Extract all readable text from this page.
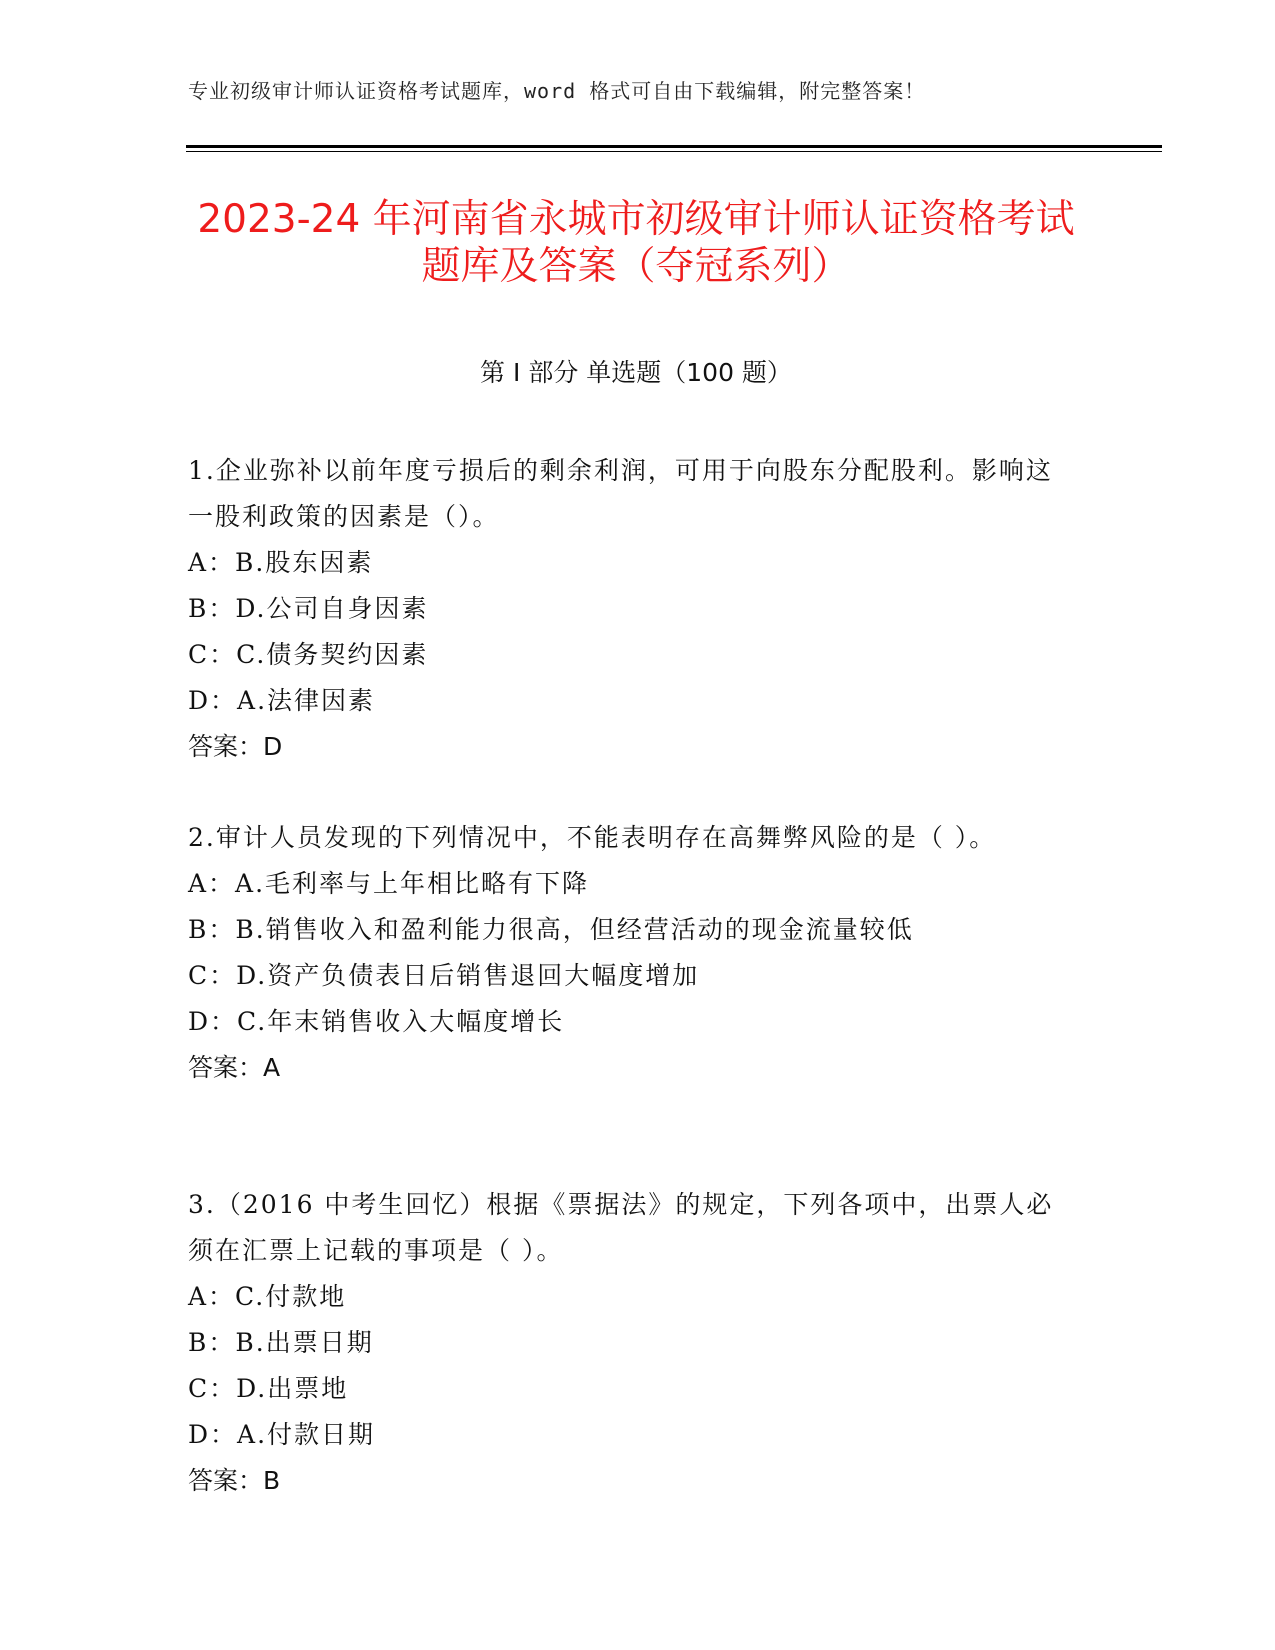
专业初级审计师认证资格考试题库，word 格式可自由下载编辑，附完整答案！
2023-24 年河南省永城市初级审计师认证资格考试题库及答案（夺冠系列）
第 I 部分 单选题（100 题）

1.企业弥补以前年度亏损后的剩余利润，可用于向股东分配股利。影响这一股利政策的因素是（）。

A：B.股东因素

B：D.公司自身因素

C：C.债务契约因素

D：A.法律因素

答案：D

2.审计人员发现的下列情况中，不能表明存在高舞弊风险的是（ ）。

A：A.毛利率与上年相比略有下降

B：B.销售收入和盈利能力很高，但经营活动的现金流量较低

C：D.资产负债表日后销售退回大幅度增加

D：C.年末销售收入大幅度增长

答案：A

3.（2016 中考生回忆）根据《票据法》的规定，下列各项中，出票人必须在汇票上记载的事项是（ ）。

A：C.付款地

B：B.出票日期

C：D.出票地

D：A.付款日期

答案：B
